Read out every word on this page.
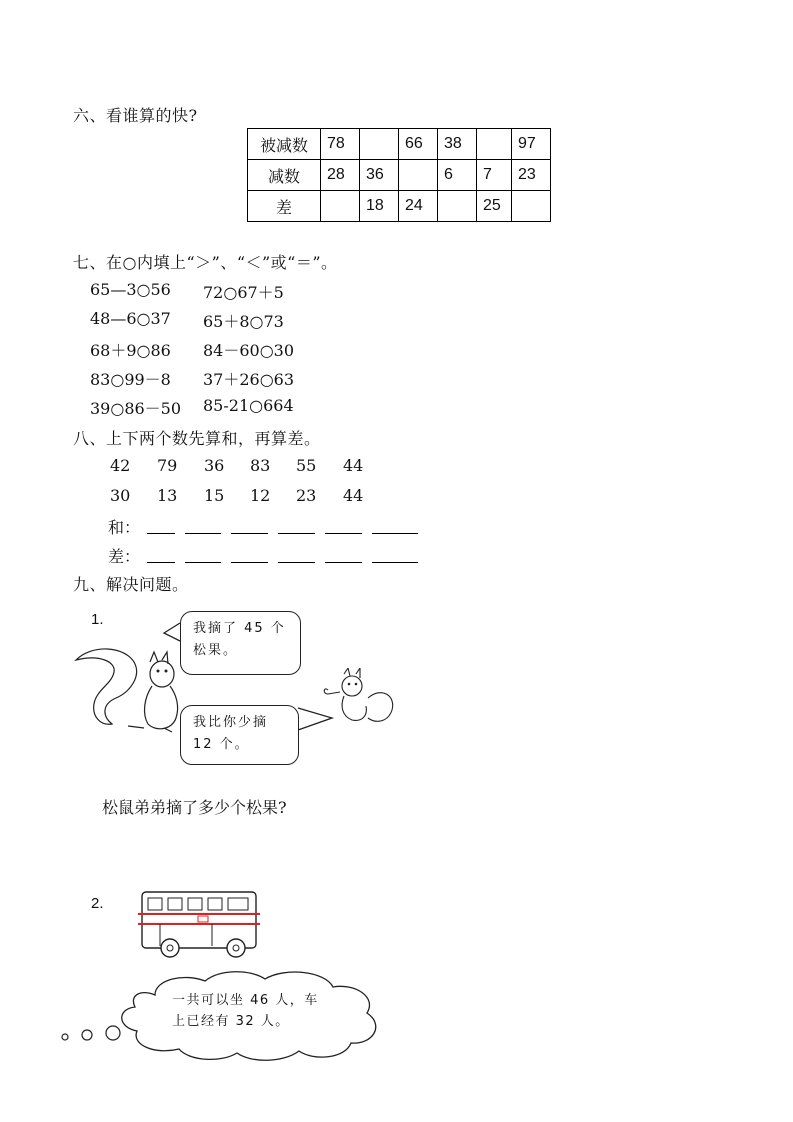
六、看谁算的快?
被减数	78		66	38		97
减数	28	36		6	7	23
差		18	24		25	
七、在○内填上“＞”、“＜”或“＝”。
65—3○56 72○67＋5
48—6○37 65＋8○73
68＋9○86 84－60○30
83○99－8 37＋26○63
39○86－50 85-21○664
八、上下两个数先算和，再算差。
42 79 36 83 55 44
30 13 15 12 23 44
和：
差：
九、解决问题。
1.
我摘了 45 个
松果。
我比你少摘
12 个。
松鼠弟弟摘了多少个松果?
2.
一共可以坐 46 人，车
上已经有 32 人。
